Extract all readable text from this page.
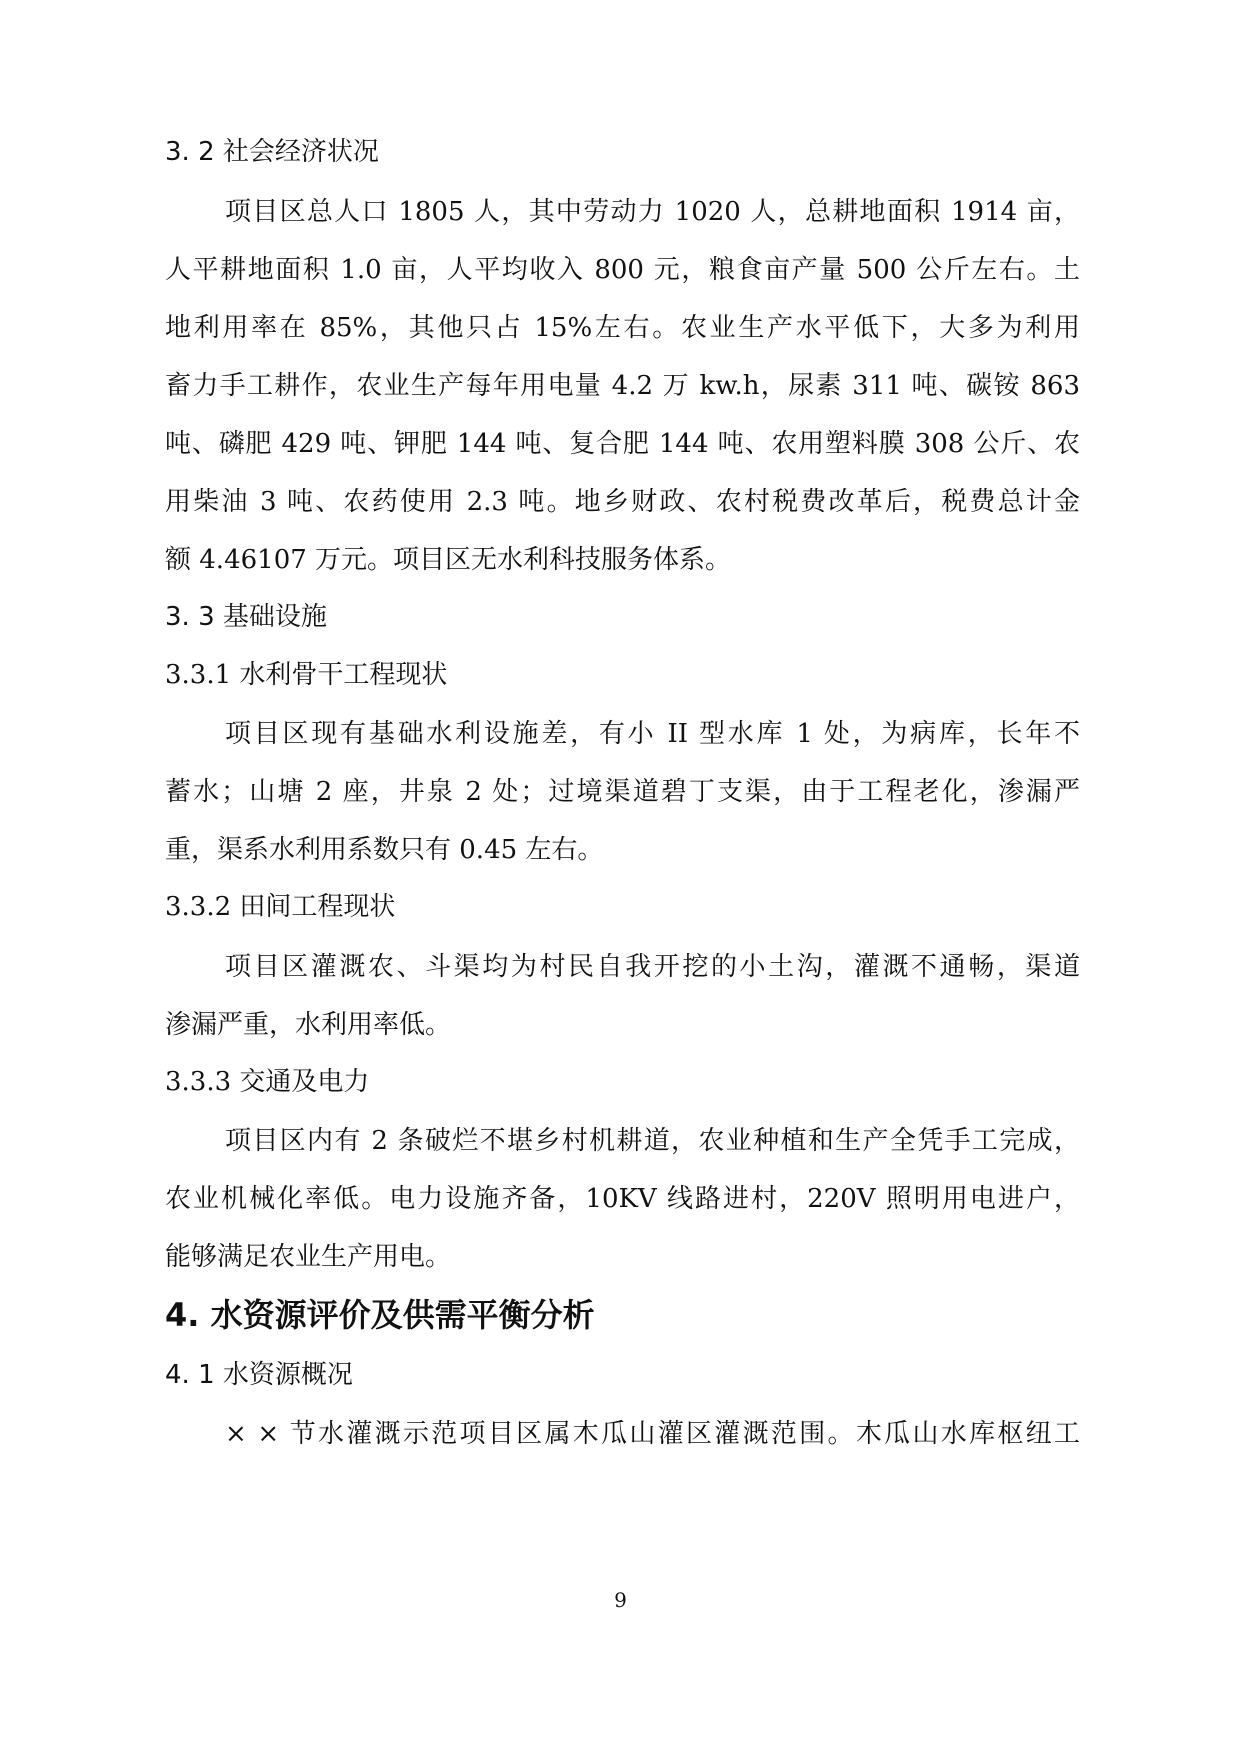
3. 2 社会经济状况
项目区总人口 1805 人，其中劳动力 1020 人，总耕地面积 1914 亩，
人平耕地面积 1.0 亩，人平均收入 800 元，粮食亩产量 500 公斤左右。土
地利用率在 85%，其他只占 15%左右。农业生产水平低下，大多为利用
畜力手工耕作，农业生产每年用电量 4.2 万 kw.h，尿素 311 吨、碳铵 863
吨、磷肥 429 吨、钾肥 144 吨、复合肥 144 吨、农用塑料膜 308 公斤、农
用柴油 3 吨、农药使用 2.3 吨。地乡财政、农村税费改革后，税费总计金
额 4.46107 万元。项目区无水利科技服务体系。
3. 3 基础设施
3.3.1 水利骨干工程现状
项目区现有基础水利设施差，有小 II 型水库 1 处，为病库，长年不
蓄水；山塘 2 座，井泉 2 处；过境渠道碧丁支渠，由于工程老化，渗漏严
重，渠系水利用系数只有 0.45 左右。
3.3.2 田间工程现状
项目区灌溉农、斗渠均为村民自我开挖的小土沟，灌溉不通畅，渠道
渗漏严重，水利用率低。
3.3.3 交通及电力
项目区内有 2 条破烂不堪乡村机耕道，农业种植和生产全凭手工完成，
农业机械化率低。电力设施齐备，10KV 线路进村，220V 照明用电进户，
能够满足农业生产用电。
4. 水资源评价及供需平衡分析
4. 1 水资源概况
× × 节水灌溉示范项目区属木瓜山灌区灌溉范围。木瓜山水库枢纽工
9
